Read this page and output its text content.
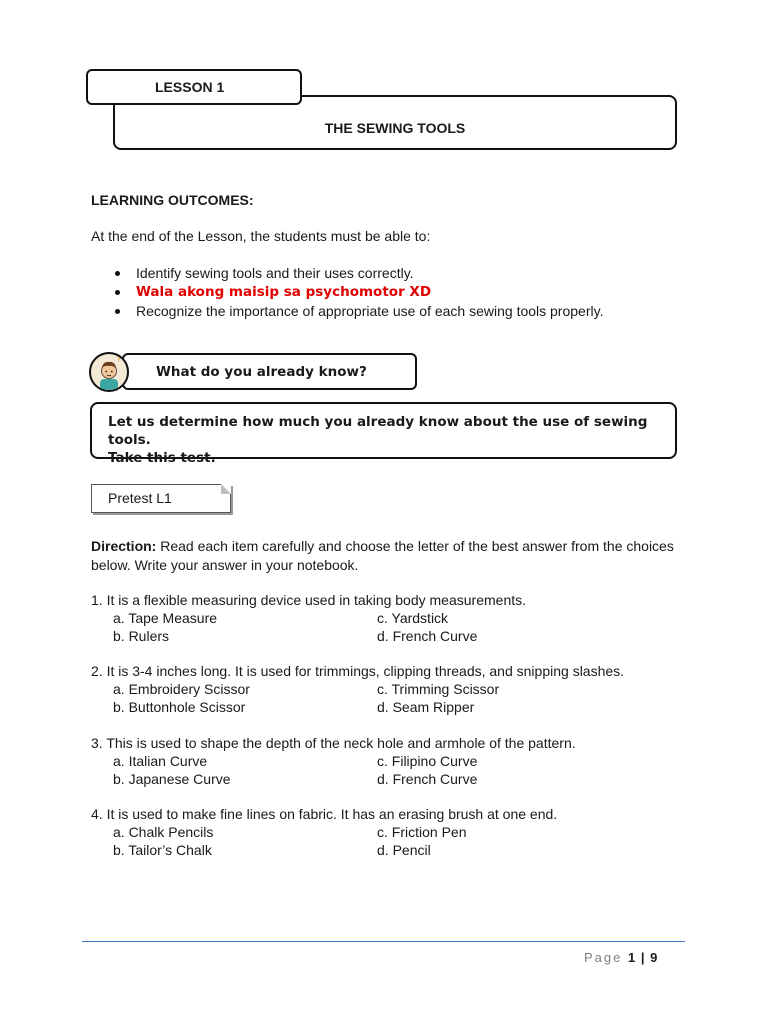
LESSON 1
THE SEWING TOOLS
LEARNING OUTCOMES:
At the end of the Lesson, the students must be able to:
Identify sewing tools and their uses correctly.
Wala akong maisip sa psychomotor XD
Recognize the importance of appropriate use of each sewing tools properly.
?
What do you already know?
Let us determine how much you already know about the use of sewing tools.
Take this test.
Pretest L1
Direction: Read each item carefully and choose the letter of the best answer from the choices below. Write your answer in your notebook.
1. It is a flexible measuring device used in taking body measurements.
a. Tape Measure	c. Yardstick
b. Rulers	d. French Curve
2. It is 3-4 inches long. It is used for trimmings, clipping threads, and snipping slashes.
a. Embroidery Scissor	c. Trimming Scissor
b. Buttonhole Scissor	d. Seam Ripper
3. This is used to shape the depth of the neck hole and armhole of the pattern.
a. Italian Curve	c. Filipino Curve
b. Japanese Curve	d. French Curve
4. It is used to make fine lines on fabric. It has an erasing brush at one end.
a. Chalk Pencils	c. Friction Pen
b. Tailor’s Chalk	d. Pencil
Page 1 | 9
